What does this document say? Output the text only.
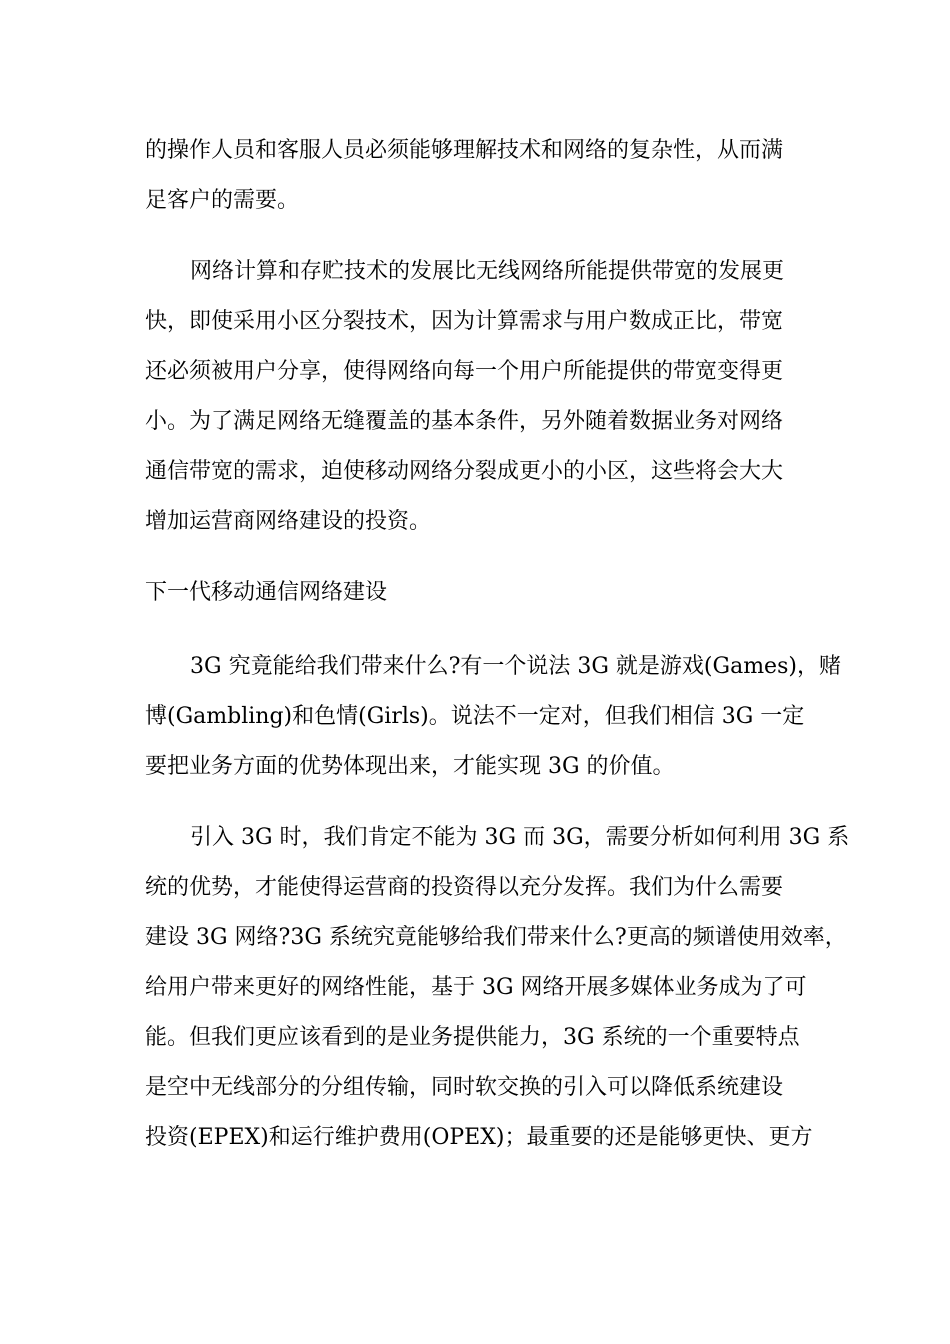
的操作人员和客服人员必须能够理解技术和网络的复杂性，从而满
足客户的需要。
网络计算和存贮技术的发展比无线网络所能提供带宽的发展更
快，即使采用小区分裂技术，因为计算需求与用户数成正比，带宽
还必须被用户分享，使得网络向每一个用户所能提供的带宽变得更
小。为了满足网络无缝覆盖的基本条件，另外随着数据业务对网络
通信带宽的需求，迫使移动网络分裂成更小的小区，这些将会大大
增加运营商网络建设的投资。
下一代移动通信网络建设
3G 究竟能给我们带来什么?有一个说法 3G 就是游戏(Games)，赌
博(Gambling)和色情(Girls)。说法不一定对，但我们相信 3G 一定
要把业务方面的优势体现出来，才能实现 3G 的价值。
引入 3G 时，我们肯定不能为 3G 而 3G，需要分析如何利用 3G 系
统的优势，才能使得运营商的投资得以充分发挥。我们为什么需要
建设 3G 网络?3G 系统究竟能够给我们带来什么?更高的频谱使用效率，
给用户带来更好的网络性能，基于 3G 网络开展多媒体业务成为了可
能。但我们更应该看到的是业务提供能力，3G 系统的一个重要特点
是空中无线部分的分组传输，同时软交换的引入可以降低系统建设
投资(EPEX)和运行维护费用(OPEX)；最重要的还是能够更快、更方
